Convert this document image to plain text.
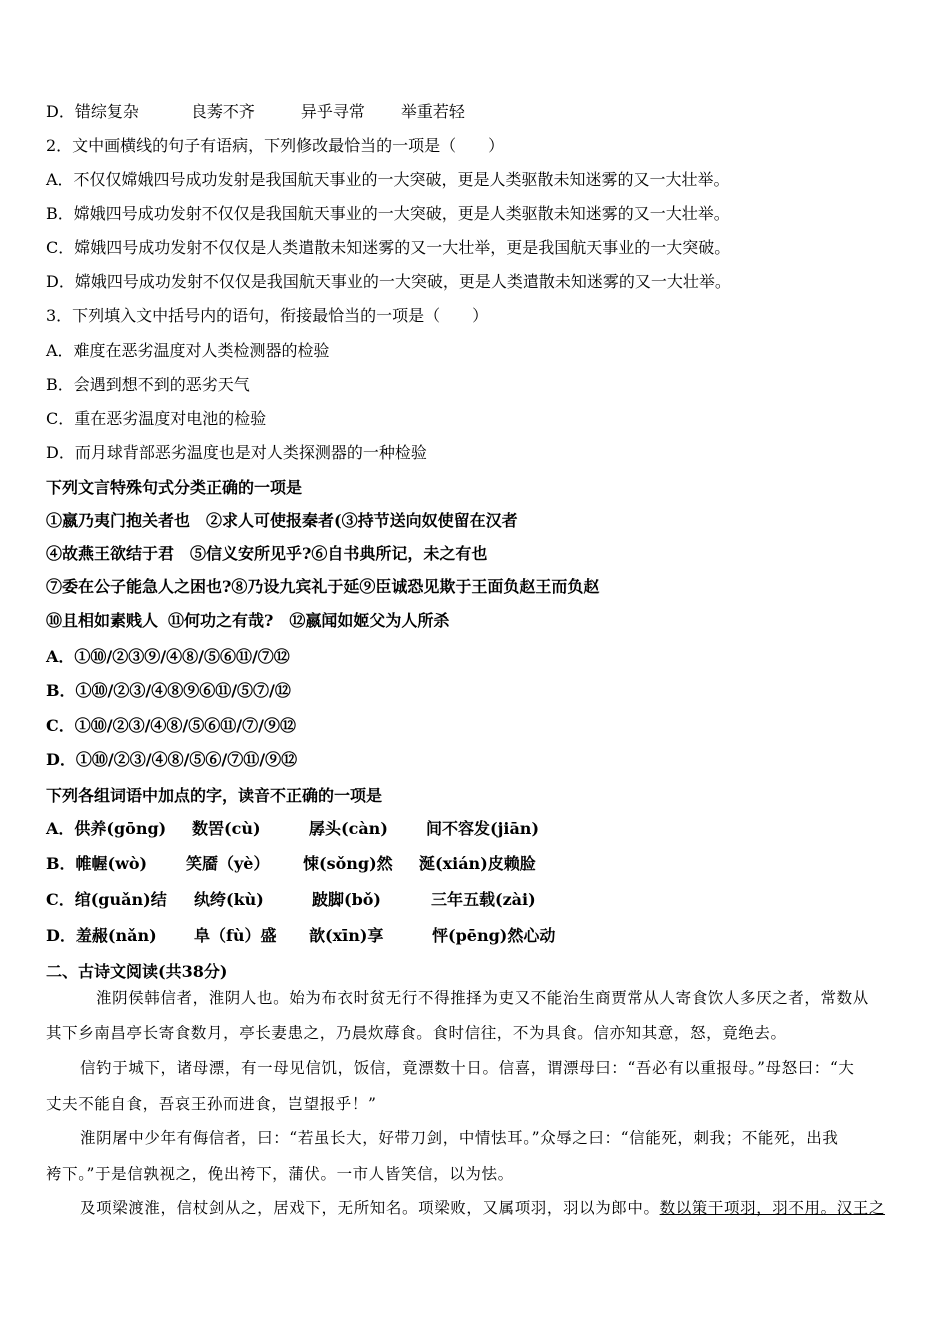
D．错综复杂	良莠不齐	异乎寻常 举重若轻
2．文中画横线的句子有语病，下列修改最恰当的一项是（　　）
A．不仅仅嫦娥四号成功发射是我国航天事业的一大突破，更是人类驱散未知迷雾的又一大壮举。
B．嫦娥四号成功发射不仅仅是我国航天事业的一大突破，更是人类驱散未知迷雾的又一大壮举。
C．嫦娥四号成功发射不仅仅是人类遣散未知迷雾的又一大壮举，更是我国航天事业的一大突破。
D．嫦娥四号成功发射不仅仅是我国航天事业的一大突破，更是人类遣散未知迷雾的又一大壮举。
3．下列填入文中括号内的语句，衔接最恰当的一项是（　　）
A．难度在恶劣温度对人类检测器的检验
B．会遇到想不到的恶劣天气
C．重在恶劣温度对电池的检验
D．而月球背部恶劣温度也是对人类探测器的一种检验
下列文言特殊句式分类正确的一项是
①嬴乃夷门抱关者也 ②求人可使报秦者(③持节送向奴使留在汉者
④故燕王欲结于君 ⑤信义安所见乎?⑥自书典所记，未之有也
⑦委在公子能急人之困也?⑧乃设九宾礼于延⑨臣诚恐见欺于王面负赵王而负赵
⑩且相如素贱人 ⑪何功之有哉?　⑫嬴闻如姬父为人所杀
A．①⑩/②③⑨/④⑧/⑤⑥⑪/⑦⑫
B．①⑩/②③/④⑧⑨⑥⑪/⑤⑦/⑫
C．①⑩/②③/④⑧/⑤⑥⑪/⑦/⑨⑫
D．①⑩/②③/④⑧/⑤⑥/⑦⑪/⑨⑫
下列各组词语中加点的字，读音不正确的一项是
A．供养(gōng) 数罟(cù)	孱头(càn) 间不容发(jiān)
B．帷幄(wò) 笑靥（yè） 悚(sǒng)然 涎(xián)皮赖脸
C．绾(guǎn)结 纨绔(kù)	跛脚(bǒ)	三年五载(zài)
D．羞赧(nǎn) 阜（fù）盛 歆(xīn)享	怦(pēng)然心动
二、古诗文阅读(共38分)
淮阴侯韩信者，淮阴人也。始为布衣时贫无行不得推择为吏又不能治生商贾常从人寄食饮人多厌之者，常数从
其下乡南昌亭长寄食数月，亭长妻患之，乃晨炊蓐食。食时信往，不为具食。信亦知其意，怒，竟绝去。
信钓于城下，诸母漂，有一母见信饥，饭信，竟漂数十日。信喜，谓漂母曰：“吾必有以重报母。”母怒曰：“大
丈夫不能自食，吾哀王孙而进食，岂望报乎！”
淮阴屠中少年有侮信者，曰：“若虽长大，好带刀剑，中情怯耳。”众辱之曰：“信能死，刺我；不能死，出我
袴下。”于是信孰视之，俛出袴下，蒲伏。一市人皆笑信，以为怯。
及项梁渡淮，信杖剑从之，居戏下，无所知名。项梁败，又属项羽，羽以为郎中。数以策干项羽，羽不用。汉王之
